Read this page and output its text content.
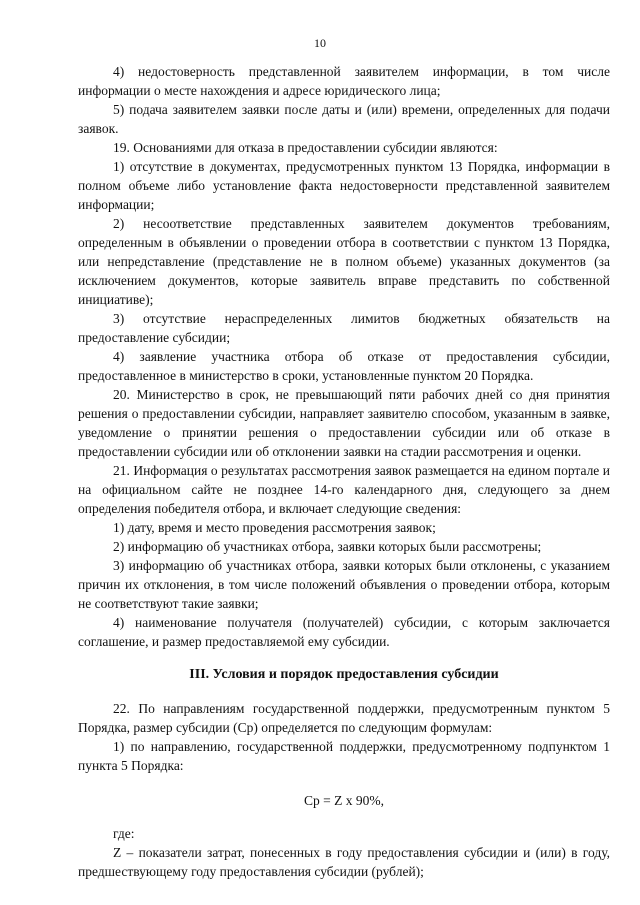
10

4) недостоверность представленной заявителем информации, в том числе информации о месте нахождения и адресе юридического лица;

5) подача заявителем заявки после даты и (или) времени, определенных для подачи заявок.

19. Основаниями для отказа в предоставлении субсидии являются:

1) отсутствие в документах, предусмотренных пунктом 13 Порядка, информации в полном объеме либо установление факта недостоверности представленной заявителем информации;

2) несоответствие представленных заявителем документов требованиям, определенным в объявлении о проведении отбора в соответствии с пунктом 13 Порядка, или непредставление (представление не в полном объеме) указанных документов (за исключением документов, которые заявитель вправе представить по собственной инициативе);

3) отсутствие нераспределенных лимитов бюджетных обязательств на предоставление субсидии;

4) заявление участника отбора об отказе от предоставления субсидии, предоставленное в министерство в сроки, установленные пунктом 20 Порядка.

20. Министерство в срок, не превышающий пяти рабочих дней со дня принятия решения о предоставлении субсидии, направляет заявителю способом, указанным в заявке, уведомление о принятии решения о предоставлении субсидии или об отказе в предоставлении субсидии или об отклонении заявки на стадии рассмотрения и оценки.

21. Информация о результатах рассмотрения заявок размещается на едином портале и на официальном сайте не позднее 14-го календарного дня, следующего за днем определения победителя отбора, и включает следующие сведения:

1) дату, время и место проведения рассмотрения заявок;

2) информацию об участниках отбора, заявки которых были рассмотрены;

3) информацию об участниках отбора, заявки которых были отклонены, с указанием причин их отклонения, в том числе положений объявления о проведении отбора, которым не соответствуют такие заявки;

4) наименование получателя (получателей) субсидии, с которым заключается соглашение, и размер предоставляемой ему субсидии.

III. Условия и порядок предоставления субсидии

22. По направлениям государственной поддержки, предусмотренным пунктом 5 Порядка, размер субсидии (Ср) определяется по следующим формулам:

1) по направлению, государственной поддержки, предусмотренному подпунктом 1 пункта 5 Порядка:

Ср = Z x 90%,

где:

Z – показатели затрат, понесенных в году предоставления субсидии и (или) в году, предшествующему году предоставления субсидии (рублей);
